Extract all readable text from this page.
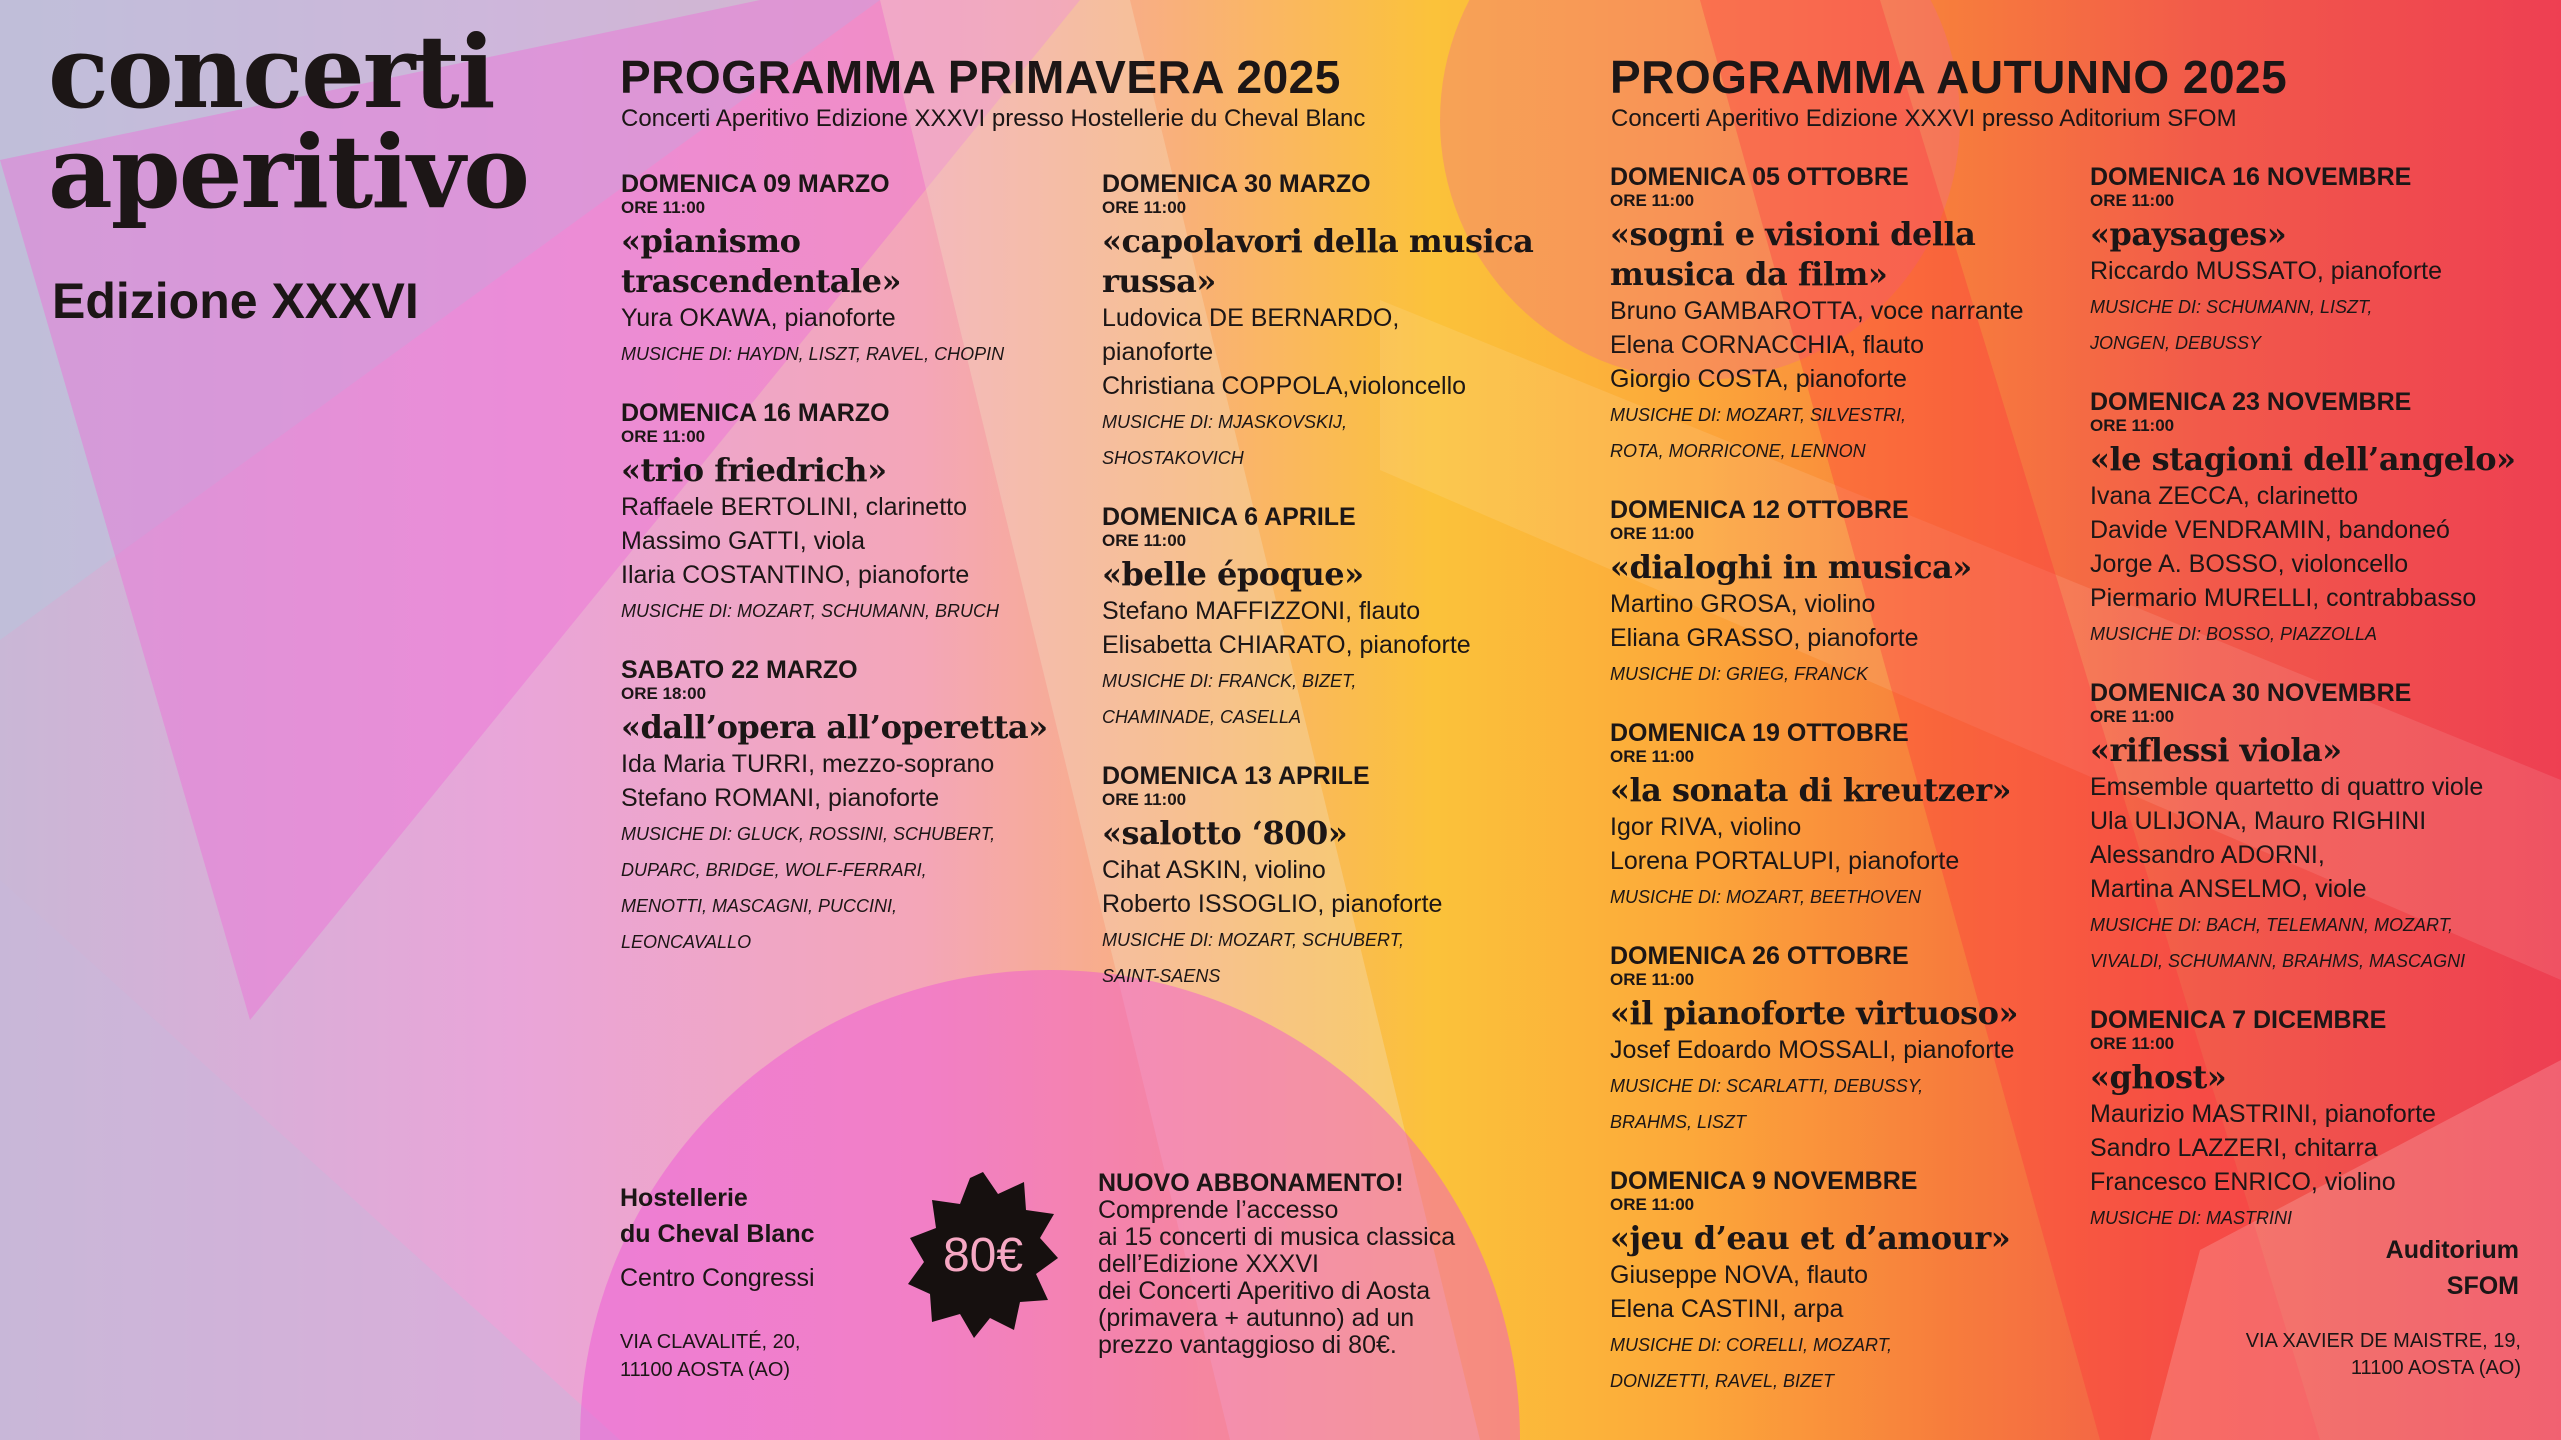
concerti
aperitivo
Edizione XXXVI
PROGRAMMA PRIMAVERA 2025
Concerti Aperitivo Edizione XXXVI presso Hostellerie du Cheval Blanc
PROGRAMMA AUTUNNO 2025
Concerti Aperitivo Edizione XXXVI presso Aditorium SFOM
DOMENICA 09 MARZO
ORE 11:00
«pianismo trascendentale»
Yura OKAWA, pianoforte
MUSICHE DI: HAYDN, LISZT, RAVEL, CHOPIN
DOMENICA 16 MARZO
ORE 11:00
«trio friedrich»
Raffaele BERTOLINI, clarinetto
Massimo GATTI, viola
Ilaria COSTANTINO, pianoforte
MUSICHE DI: MOZART, SCHUMANN, BRUCH
SABATO 22 MARZO
ORE 18:00
«dall’opera all’operetta»
Ida Maria TURRI, mezzo-soprano
Stefano ROMANI, pianoforte
MUSICHE DI: GLUCK, ROSSINI, SCHUBERT,
DUPARC, BRIDGE, WOLF-FERRARI,
MENOTTI, MASCAGNI, PUCCINI,
LEONCAVALLO
DOMENICA 30 MARZO
ORE 11:00
«capolavori della musica russa»
Ludovica DE BERNARDO,
pianoforte
Christiana COPPOLA,violoncello
MUSICHE DI: MJASKOVSKIJ,
SHOSTAKOVICH
DOMENICA 6 APRILE
ORE 11:00
«belle époque»
Stefano MAFFIZZONI, flauto
Elisabetta CHIARATO, pianoforte
MUSICHE DI: FRANCK, BIZET,
CHAMINADE, CASELLA
DOMENICA 13 APRILE
ORE 11:00
«salotto ‘800»
Cihat ASKIN, violino
Roberto ISSOGLIO, pianoforte
MUSICHE DI: MOZART, SCHUBERT,
SAINT-SAENS
DOMENICA 05 OTTOBRE
ORE 11:00
«sogni e visioni della musica da film»
Bruno GAMBAROTTA, voce narrante
Elena CORNACCHIA, flauto
Giorgio COSTA, pianoforte
MUSICHE DI: MOZART, SILVESTRI,
ROTA, MORRICONE, LENNON
DOMENICA 12 OTTOBRE
ORE 11:00
«dialoghi in musica»
Martino GROSA, violino
Eliana GRASSO, pianoforte
MUSICHE DI: GRIEG, FRANCK
DOMENICA 19 OTTOBRE
ORE 11:00
«la sonata di kreutzer»
Igor RIVA, violino
Lorena PORTALUPI, pianoforte
MUSICHE DI: MOZART, BEETHOVEN
DOMENICA 26 OTTOBRE
ORE 11:00
«il pianoforte virtuoso»
Josef Edoardo MOSSALI, pianoforte
MUSICHE DI: SCARLATTI, DEBUSSY,
BRAHMS, LISZT
DOMENICA 9 NOVEMBRE
ORE 11:00
«jeu d’eau et d’amour»
Giuseppe NOVA, flauto
Elena CASTINI, arpa
MUSICHE DI: CORELLI, MOZART,
DONIZETTI, RAVEL, BIZET
DOMENICA 16 NOVEMBRE
ORE 11:00
«paysages»
Riccardo MUSSATO, pianoforte
MUSICHE DI: SCHUMANN, LISZT,
JONGEN, DEBUSSY
DOMENICA 23 NOVEMBRE
ORE 11:00
«le stagioni dell’angelo»
Ivana ZECCA, clarinetto
Davide VENDRAMIN, bandoneó
Jorge A. BOSSO, violoncello
Piermario MURELLI, contrabbasso
MUSICHE DI: BOSSO, PIAZZOLLA
DOMENICA 30 NOVEMBRE
ORE 11:00
«riflessi viola»
Emsemble quartetto di quattro viole
Ula ULIJONA, Mauro RIGHINI
Alessandro ADORNI,
Martina ANSELMO, viole
MUSICHE DI: BACH, TELEMANN, MOZART,
VIVALDI, SCHUMANN, BRAHMS, MASCAGNI
DOMENICA 7 DICEMBRE
ORE 11:00
«ghost»
Maurizio MASTRINI, pianoforte
Sandro LAZZERI, chitarra
Francesco ENRICO, violino
MUSICHE DI: MASTRINI
Hostellerie
du Cheval Blanc
Centro Congressi
VIA CLAVALITÉ, 20,
11100 AOSTA (AO)
80€
NUOVO ABBONAMENTO!
Comprende l’accesso
ai 15 concerti di musica classica
dell’Edizione XXXVI
dei Concerti Aperitivo di Aosta
(primavera + autunno) ad un
prezzo vantaggioso di 80€.
Auditorium
SFOM
VIA XAVIER DE MAISTRE, 19,
11100 AOSTA (AO)
